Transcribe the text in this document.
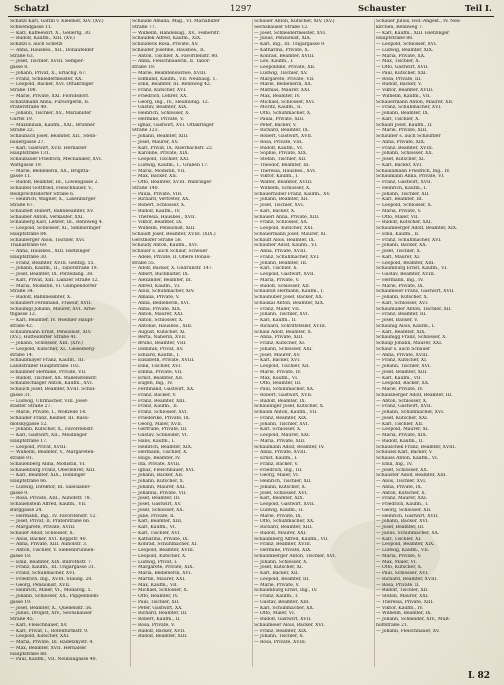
Schatzl	1297	Schauster	Teil I.
Schatzl Karl, Gattin v. Kleemer, XIV. (XV.)
Schwendgasse 11.
— Karl, Kaffeewirt, X., Gellertg. 30.
— Rudolf, Kaufm., XIII. (XV.)
Schätzl s. auch Schetzl
— Anna, Hausbes., XII., Donaufelder
Straße 63.
— Josef, Tischler, XVIII. Semper-
gasse 8.
— Johann, Privat, X., Erlachg. 67.
— Franz, Schneidermeister, XX.
— Leopold, Bäcker, XVI. Ottakringer
Straße 108.
— Marie, Private, XXI. Floridsdorf.
Schatzmann Anna, Fürsorgerin, II.
Praterstraße 40.
— Johann, Tischler, XV., Mariahilfer
Gürtel 19.
— Maximilian, Kaufm., XXI., Brünner
Straße 22.
Schaubach Josef, Beamter, XII., Stein-
bauergasse 27.
— Karl, Gastwirt, XVII. Hernalser
Hauptstraße 131.
Schaubauer Friedrich, Mechaniker, XVI.
Wattgasse 19.
— Marie, Bedienerin, XX., Brigitta-
gasse 11.
— Rudolf, Beamter, III., Löwengasse 2.
Schaubel Gottfried, Fleischhauer, V.,
Reinprechtsdorfer Straße 6.
— Heinrich, Wagner, X., Laxenburger
Straße 67.
Schaubelt Hubert, Bahnbeamter, XV.
Schauber Anton, Verkäufer, XXI.
Schauberg Karl, Lehrer, III., Rennweg 4.
— Leopold, Schlosser, XI., Simmeringer
Hauptstraße 84.
Schauberger Alois, Tischler, XVI.
Thaliastraße 69.
— Anna, Hausbes., XIII. Hietzinger
Hauptstraße 30.
— Franz, Beamter, XVIII. Gentzg. 55.
— Johann, Kaufm., II., Taborstraße 19.
— Josef, Beamter, IX. Porzellang. 38.
— Karl, Privat, XIII. Lainzer Straße 12.
— Maria, Modistin, VI. Gumpendorfer
Straße 34.
— Rudolf, Bahnbeamter, X.
Schaubert Ferdinand, Friseur, XVII.
Schaubigl Johann, Maurer, XVI. Arne-
thgasse 12.
— Karl, Beamter, IV. Wiedner Haupt-
straße 42.
Schaubmann Ernst, Pensionist, XIV.
(XV.), Hütteldorfer Straße 41.
— Johann, Schlosser, XIII. (XIV.)
— Leopold, Kutscher, XI., Geiselberg-
straße 14.
Schaubmayer Franz, Kaufm., III.
Landstraßer Hauptstraße 102.
Schaubner Hermine, Private, VII.
— Rudolf, Tischler, XX. Wallensteinstr.
Schaubschläger Anton, Kaufm., XVI.
Schauch Josef, Beamter, XVIII. Schul-
gasse 31.
— Ludwig, Uhrmacher, VIII. Josef-
städter Straße 27.
— Marie, Private, I., Wollzeile 14.
Schauder Franz, Kellner, III. Rasu-
mofskygasse 12.
— Johann, Kutscher, X., Favoritenstr.
— Karl, Gastwirt, XII., Meidlinger
Hauptstraße 17.
— Leopold, Privat, XVIII.
— Wilhelm, Beamter, V., Margareten-
straße 91.
Schauenberg Anna, Modistin, VI.
Schauenburg Franz, Oberlehrer, XIII.
— Karl, Beamter, XIX., Döblinger
Hauptstraße 66.
— Ludwig, Direktor, III. Salesianer-
gasse 9.
— Rosa, Private, XIII., Auhofstr. 78.
Schauenstein Alfred, Kaufm., VII.
Burggasse 24.
— Hermann, Ing., IV. Favoritenstr. 12.
— Josef, Privat, II. Praterstraße 66.
— Margarete, Private, XVIII.
Schauer Adolf, Schlosser, X.
— Alois, Bäcker, XVI. Koppstr. 40.
— Anna, Private, XIII. Auhofstr. 3.
— Anton, Tischler, V. Siebenbrunnen-
gasse 18.
— Emil, Beamter, XIX. Billrothstr. 7.
— Franz, Kaufm., III. Ungargasse 31.
— Franz, Schuhmacher, XVI.
— Friedrich, Ing., XVIII. Staudg. 20.
— Georg, Pensionist, XVII.
— Heinrich, Maler, VI., Mollardg. 5.
— Johann, Schlosser, XX., Pappenheim-
gasse 19.
— Josef, Beamter, X., Quellenstr. 56.
— Julius, Drogist, XIV., Sechshauser
Straße 45.
— Karl, Fleischhauer, XV.
— Karl, Privat, I., Rotenturmstr. 9.
— Leopold, Kutscher, XXI.
— Maria, Private, III. Radetzkystr. 4.
— Max, Beamter, XVII. Hernalser
Hauptstraße 88.
— Paul, Kaufm., VII. Neubaugasse 40.
Schaude Amalia, Mag., VI. Mariahilfer
Straße 77.
— Wilhelm, Handelsag., XV., Felberstr.
Schaudek Alfred, Kaufm., XIX.
Schaudeck Rosa, Private, XV.
Schauder Josefine, Hausbes., II.
— Anton, Tischler, X. Favoritenstr. 80.
— Anna, Fleischhauerin, II. Tabor-
straße 19.
— Marie, Beamtenswitwe, XVIII.
— Edmund, Kaufm., VII. Neubaug. 1.
— Emil, Beamter, III. Rennweg 42.
— Franz, Kutscher, XVI.
— Friedrich, Lehrer, XX.
— Georg, Ing., IV., Heumühlg. 12.
— Gustav, Beamter, XIX.
— Heinrich, Schlosser, X.
— Hermine, Private, V.
— Ignaz, Gastwirt, XVI. Ottakringer
Straße 123.
— Johann, Beamter, XIII.
— Josef, Maurer, XV.
— Karl, Privat, IX. Alserbachstr. 22.
— Karoline, Private, XIX.
— Leopold, Tischler, XXI.
— Ludwig, Kaufm., I., Graben 17.
— Maria, Modistin, VII.
— Max, Bäcker, XII.
— Otto, Beamter, XVIII. Währinger
Straße 140.
— Paula, Private, VIII.
— Richard, Vertreter, XX.
— Robert, Schlosser, X.
— Rudolf, Kaufm., IV.
— Theresia, Hausbes., XVII.
— Viktor, Beamter, IX.
— Wilhelm, Pensionist, XIII.
Schaudt Josef, Beamter, XVIII. (XIX.)
Gersthofer Straße 58.
Schaudy Anton, Kaufm., XVI.
Schauer s. auch Schaur, Scheuer
— Adele, Private, II. Obere Donau-
straße 55.
— Adolf, Bäcker, X. Gudrunstr. 147.
— Albert, Buchhalter, IX.
— Alexander, Beamter, III.
— Alfred, Kaufm., VI.
— Alois, Schuhmacher, XIV.
— Amalia, Private, V.
— Anna, Bedienerin, XVI.
— Anna, Private, XIX.
— Anton, Maurer, XXI.
— Anton, Schlosser, X.
— Antonie, Hausbes., XIII.
— August, Kutscher, XI.
— Berta, Näherin, XVII.
— Bruno, Beamter, VIII.
— Dominik, Privat, XV.
— Eduard, Kaufm., I.
— Elisabeth, Private, XVIII.
— Emil, Tischler, XVI.
— Emma, Private, VII.
— Ernst, Beamter, XII.
— Eugen, Ing., IV.
— Ferdinand, Gastwirt, XX.
— Franz, Bäcker, V.
— Franz, Beamter, XIII.
— Franz, Kaufm., II.
— Franz, Schlosser, XVI.
— Friederike, Private, IX.
— Georg, Maler, XVII.
— Gertrude, Private, III.
— Gustav, Schneider, VI.
— Hans, Kaufm., I.
— Heinrich, Beamter, XIX.
— Hermann, Tischler, X.
— Hugo, Beamter, IV.
— Ida, Private, XVIII.
— Ignaz, Fleischhauer, XVI.
— Johann, Bäcker, XII.
— Johann, Kutscher, X.
— Johann, Maurer, XXI.
— Johanna, Private, VII.
— Josef, Beamter, III.
— Josef, Gastwirt, XV.
— Josef, Schlosser, XX.
— Julie, Private, II.
— Karl, Beamter, XIII.
— Karl, Kaufm., VI.
— Karl, Tischler, XVI.
— Katharina, Private, IX.
— Konrad, Schuhmacher, XI.
— Leopold, Beamter, XVIII.
— Leopold, Kutscher, X.
— Ludwig, Privat, I.
— Margarete, Private, XIX.
— Maria, Bedienerin, XVI.
— Martin, Maurer, XXI.
— Max, Kaufm., VII.
— Michael, Schlosser, X.
— Otto, Beamter, IV.
— Paul, Tischler, XII.
— Peter, Gastwirt, XX.
— Richard, Beamter, III.
— Robert, Kaufm., II.
— Rosa, Private, V.
— Rudolf, Bäcker, XVII.
— Rudolf, Beamter, XIII.
Schauer Anton, Kutscher, XIV. (XV.)
Sechshauser Straße 12.
— Josef, Schneidermeister, XVI.
— Julius, Pensionist, XIX.
— Karl, Ing., III. Ungargasse 9.
— Katharina, Private, X.
— Konrad, Beamter, XVIII.
— Leo, Kaufm., I.
— Leopoldine, Private, XII.
— Ludwig, Tischler, XV.
— Margarete, Private, VII.
— Marie, Bedienerin, XX.
— Mathias, Maurer, XXI.
— Max, Beamter, IV.
— Michael, Schlosser, XVI.
— Moritz, Kaufm., II.
— Otto, Schuhmacher, X.
— Paula, Private, XIII.
— Peter, Bäcker, V.
— Richard, Beamter, IX.
— Robert, Gastwirt, XVII.
— Rosa, Private, VIII.
— Rudolf, Kaufm., VI.
— Sophie, Private, XIX.
— Stefan, Tischler, XII.
— Theodor, Beamter, III.
— Theresia, Hausbes., XVI.
— Viktor, Kaufm., I.
— Walter, Beamter, XVIII.
— Wilhelm, Schlosser, X.
Schauerhuber Franz, Kaufm., XV.
— Johann, Beamter, XII.
— Josef, Tischler, XVI.
— Karl, Bäcker, X.
Schauerl Anna, Private, XIII.
— Franz, Schlosser, XX.
— Leopold, Kutscher, XXI.
Schauermann Josef, Maurer, XI.
Schauff Alois, Beamter, IX.
Schaufler Adolf, Kaufm., VI.
— Anna, Private, XVIII.
— Franz, Schuhmacher, XVI.
— Johann, Beamter, III.
— Karl, Tischler, X.
— Leopold, Gastwirt, XVII.
— Maria, Private, V.
— Rudolf, Schlosser, XII.
Schaufuß Hermann, Kaufm., I.
Schauhuber Josef, Bäcker, XX.
Schaukal Anton, Beamter, XIX.
— Franz, Maler, VII.
— Johann, Tischler, XVI.
— Karl, Kaufm., II.
— Richard, Schriftsteller, XVIII.
Schaul Adolf, Beamter, X.
— Anna, Private, XIII.
— Franz, Kutscher, XI.
— Johann, Schlosser, XXI.
— Josef, Maurer, XV.
— Karl, Bäcker, XVI.
— Leopold, Tischler, XII.
— Marie, Private, IV.
— Max, Kaufm., VI.
— Otto, Beamter, III.
— Paul, Schuhmacher, XX.
— Robert, Gastwirt, XVII.
— Rudolf, Beamter, IX.
Schaulinger Josef, Kutscher, X.
Schaum Anton, Kaufm., VII.
— Franz, Beamter, XIX.
— Johann, Tischler, XVI.
— Karl, Schlosser, X.
— Leopold, Maurer, XXI.
— Maria, Private, XIII.
Schaumann Adolf, Beamter, IV.
— Anna, Private, XVIII.
— Ernst, Kaufm., I.
— Franz, Bäcker, V.
— Friedrich, Ing., III.
— Georg, Maler, VI.
— Heinrich, Tischler, XII.
— Johann, Kutscher, X.
— Josef, Schlosser, XVI.
— Karl, Beamter, XIX.
— Leopold, Gastwirt, XVII.
— Ludwig, Kaufm., II.
— Marie, Private, IX.
— Otto, Schuhmacher, XX.
— Richard, Beamter, XIII.
— Rudolf, Maurer, XXI.
Schaumberg Alfred, Kaufm., VII.
— Franz, Beamter, XVIII.
— Hermine, Private, XIX.
Schaumberger Anton, Tischler, XVI.
— Johann, Schlosser, X.
— Josef, Kutscher, XI.
— Karl, Bäcker, XII.
— Leopold, Beamter, III.
— Marie, Private, V.
Schaumburg Ernst, Ing., IV.
— Franz, Kaufm., I.
— Gustav, Beamter, XIII.
— Karl, Schuhmacher, XX.
— Otto, Maler, VI.
— Rudolf, Gastwirt, XVII.
Schaumeier Alois, Bäcker, XVI.
— Franz, Beamter, XIX.
— Johann, Tischler, X.
— Rosa, Private, XVIII.
Schauer Julius, Hof.-Angest., IV. Neu-
kirchen, Rennweg 7.
— Karl, Kaufm., XIII. Hietzinger
Hauptstraße 88.
— Leopold, Schlosser, XVI.
— Ludwig, Beamter, XIX.
— Maria, Private, XX.
— Max, Tischler, X.
— Otto, Gastwirt, XVII.
— Paul, Kutscher, XXI.
— Rosa, Private, III.
— Rudolf, Bäcker, V.
— Viktor, Beamter, XVIII.
— Wilhelm, Kaufm., VII.
Schauermann Anton, Maurer, XII.
— Franz, Schuhmacher, XVI.
— Johann, Beamter, IX.
— Karl, Tischler, X.
Schaufl Josef, Kaufm., II.
— Marie, Private, XIII.
Schaufler s. auch Schauffler
— Anna, Private, XIX.
— Franz, Beamter, XVIII.
— Johann, Schlosser, XX.
— Josef, Kutscher, XI.
— Karl, Bäcker, XVI.
Schaulamann Friedrich, Ing., IV.
Schaumann Anna, Private, VI.
— Franz, Gastwirt, XVII.
— Heinrich, Kaufm., I.
— Johann, Tischler, XII.
— Karl, Beamter, III.
— Leopold, Schlosser, X.
— Maria, Private, V.
— Otto, Maler, VII.
— Rudolf, Kutscher, XXI.
Schaumberger Adolf, Beamter, XIX.
— Emil, Kaufm., II.
— Franz, Schuhmacher, XVI.
— Johann, Bäcker, XX.
— Josef, Tischler, X.
— Karl, Maurer, XI.
— Leopold, Beamter, XIII.
Schaumburg Ernst, Kaufm., VI.
— Gustav, Beamter, XVIII.
— Hermann, Ing., IV.
— Marie, Private, IX.
Schaumeier Franz, Gastwirt, XVII.
— Johann, Kutscher, X.
— Karl, Schlosser, XVI.
Schaumüller Anton, Tischler, XII.
— Franz, Beamter, III.
— Josef, Bäcker, V.
Schaunig Alois, Kaufm., I.
— Karl, Beamter, XIX.
Schaunigg Franz, Schlosser, X.
Schaup Johann, Maurer, XXI.
Schaur s. auch Schauer
— Anna, Private, XVIII.
— Franz, Kutscher, XI.
— Johann, Tischler, XVI.
— Josef, Beamter, XIII.
— Karl, Kaufm., VII.
— Leopold, Bäcker, XX.
— Marie, Private, IV.
Schausberger Adolf, Beamter, III.
— Anton, Schlosser, X.
— Franz, Gastwirt, XVII.
— Johann, Schuhmacher, XVI.
— Josef, Kutscher, XXI.
— Karl, Tischler, XII.
— Leopold, Maurer, XI.
— Maria, Private, XIX.
— Rudolf, Kaufm., II.
Schauschek Franz, Beamter, XVIII.
Schausei Karl, Bäcker, V.
Schauss Anton, Kaufm., VI.
— Emil, Ing., IV.
— Josef, Schlosser, XX.
Schauster Adolf, Beamter, XIII.
— Alois, Tischler, XVI.
— Anna, Private, IX.
— Anton, Kutscher, X.
— Franz, Maurer, XXI.
— Friedrich, Kaufm., I.
— Georg, Schlosser, XII.
— Heinrich, Gastwirt, XVII.
— Johann, Bäcker, XVI.
— Josef, Beamter, III.
— Julius, Schuhmacher, XX.
— Karl, Tischler, XI.
— Leopold, Beamter, XIX.
— Ludwig, Kaufm., VII.
— Maria, Private, V.
— Max, Maler, VI.
— Otto, Kutscher, X.
— Paul, Schlosser, XVI.
— Richard, Beamter, XVIII.
— Rosa, Private, II.
— Rudolf, Tischler, XII.
— Stefan, Maurer, XXI.
— Theresia, Private, XIII.
— Viktor, Kaufm., IV.
— Wilhelm, Beamter, IX.
— Johann, Schneider, XIV., Muß-
hoffstraße 21.
— Johann, Fleischhauer, XV.
L 82
